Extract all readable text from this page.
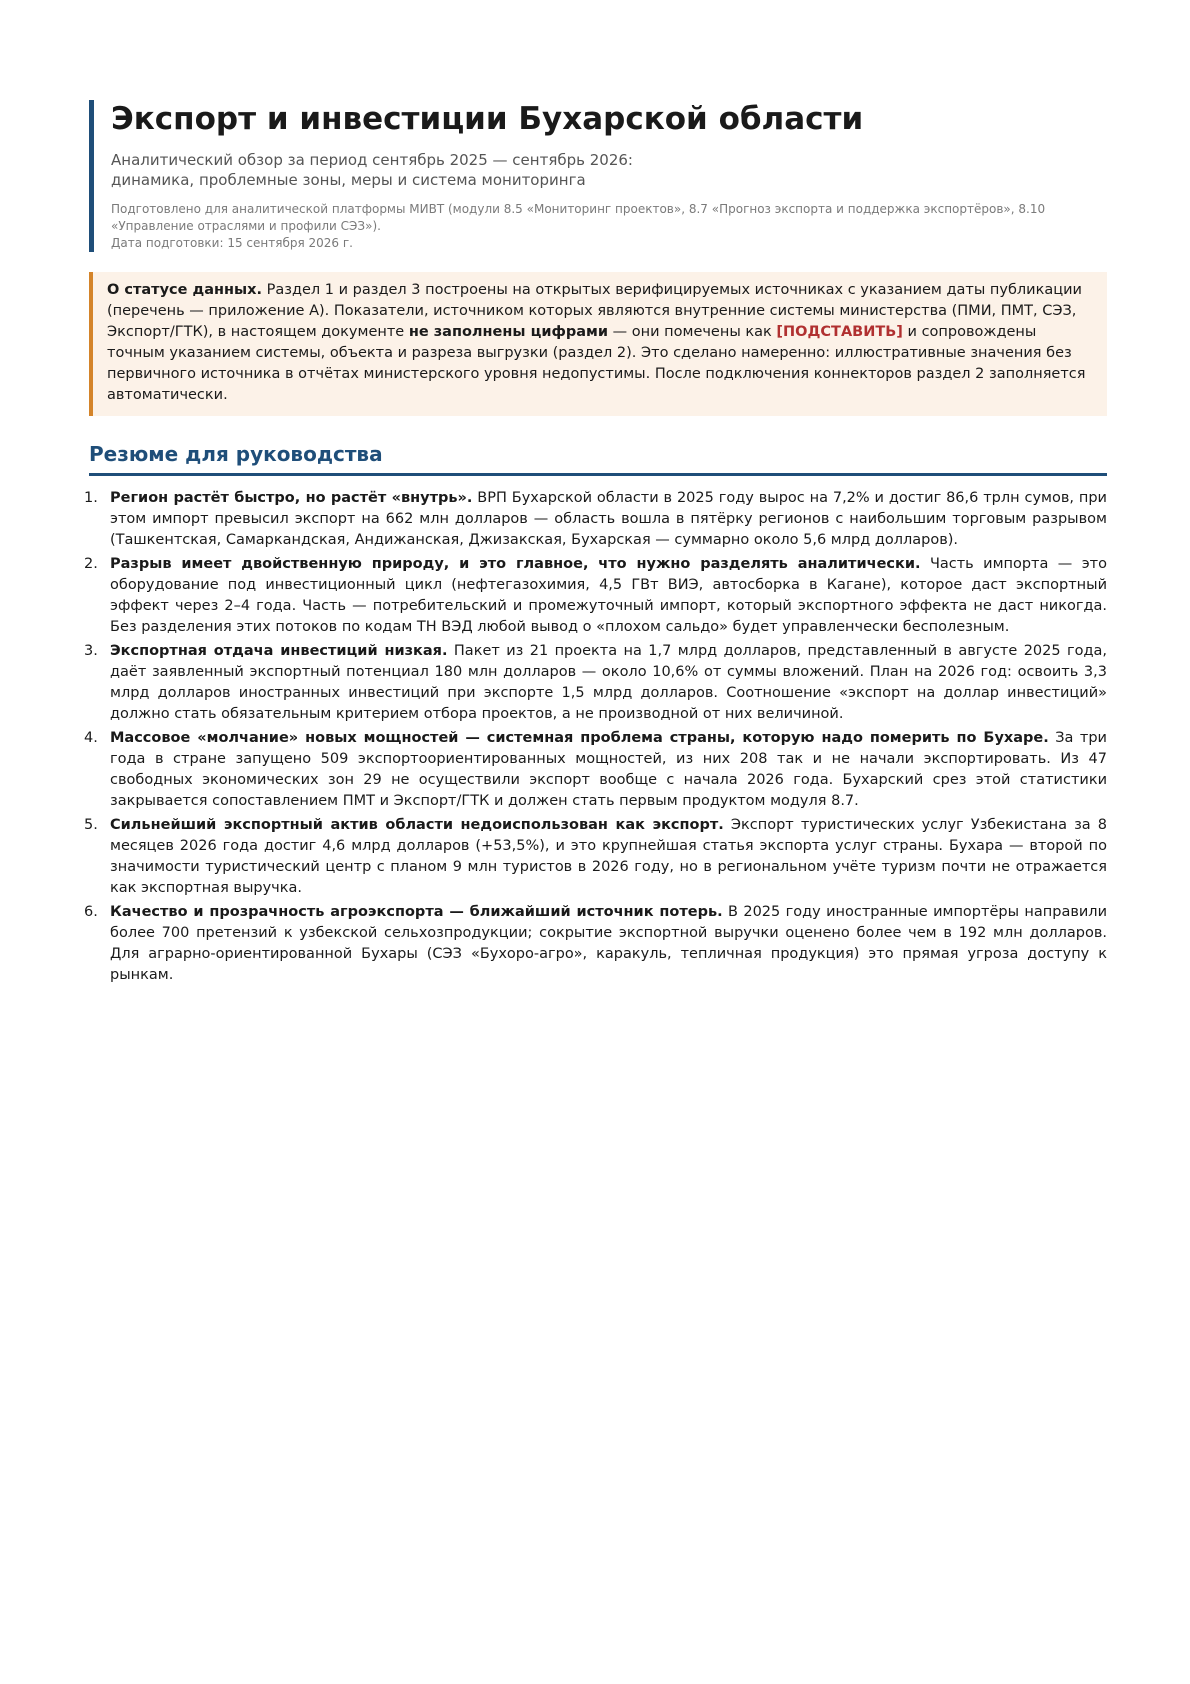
Экспорт и инвестиции Бухарской области

Аналитический обзор за период сентябрь 2025 — сентябрь 2026:
динамика, проблемные зоны, меры и система мониторинга

Подготовлено для аналитической платформы МИВТ (модули 8.5 «Мониторинг проектов», 8.7 «Прогноз экспорта и поддержка экспортёров», 8.10 «Управление отраслями и профили СЭЗ»).
Дата подготовки: 15 сентября 2026 г.
О статусе данных. Раздел 1 и раздел 3 построены на открытых верифицируемых источниках с указанием даты публикации (перечень — приложение А). Показатели, источником которых являются внутренние системы министерства (ПМИ, ПМТ, СЭЗ, Экспорт/ГТК), в настоящем документе не заполнены цифрами — они помечены как [ПОДСТАВИТЬ] и сопровождены точным указанием системы, объекта и разреза выгрузки (раздел 2). Это сделано намеренно: иллюстративные значения без первичного источника в отчётах министерского уровня недопустимы. После подключения коннекторов раздел 2 заполняется автоматически.
Резюме для руководства
1. Регион растёт быстро, но растёт «внутрь». ВРП Бухарской области в 2025 году вырос на 7,2% и достиг 86,6 трлн сумов, при этом импорт превысил экспорт на 662 млн долларов — область вошла в пятёрку регионов с наибольшим торговым разрывом (Ташкентская, Самаркандская, Андижанская, Джизакская, Бухарская — суммарно около 5,6 млрд долларов).
2. Разрыв имеет двойственную природу, и это главное, что нужно разделять аналитически. Часть импорта — это оборудование под инвестиционный цикл (нефтегазохимия, 4,5 ГВт ВИЭ, автосборка в Кагане), которое даст экспортный эффект через 2–4 года. Часть — потребительский и промежуточный импорт, который экспортного эффекта не даст никогда. Без разделения этих потоков по кодам ТН ВЭД любой вывод о «плохом сальдо» будет управленчески бесполезным.
3. Экспортная отдача инвестиций низкая. Пакет из 21 проекта на 1,7 млрд долларов, представленный в августе 2025 года, даёт заявленный экспортный потенциал 180 млн долларов — около 10,6% от суммы вложений. План на 2026 год: освоить 3,3 млрд долларов иностранных инвестиций при экспорте 1,5 млрд долларов. Соотношение «экспорт на доллар инвестиций» должно стать обязательным критерием отбора проектов, а не производной от них величиной.
4. Массовое «молчание» новых мощностей — системная проблема страны, которую надо померить по Бухаре. За три года в стране запущено 509 экспортоориентированных мощностей, из них 208 так и не начали экспортировать. Из 47 свободных экономических зон 29 не осуществили экспорт вообще с начала 2026 года. Бухарский срез этой статистики закрывается сопоставлением ПМТ и Экспорт/ГТК и должен стать первым продуктом модуля 8.7.
5. Сильнейший экспортный актив области недоиспользован как экспорт. Экспорт туристических услуг Узбекистана за 8 месяцев 2026 года достиг 4,6 млрд долларов (+53,5%), и это крупнейшая статья экспорта услуг страны. Бухара — второй по значимости туристический центр с планом 9 млн туристов в 2026 году, но в региональном учёте туризм почти не отражается как экспортная выручка.
6. Качество и прозрачность агроэкспорта — ближайший источник потерь. В 2025 году иностранные импортёры направили более 700 претензий к узбекской сельхозпродукции; сокрытие экспортной выручки оценено более чем в 192 млн долларов. Для аграрно-ориентированной Бухары (СЭЗ «Бухоро-агро», каракуль, тепличная продукция) это прямая угроза доступу к рынкам.
